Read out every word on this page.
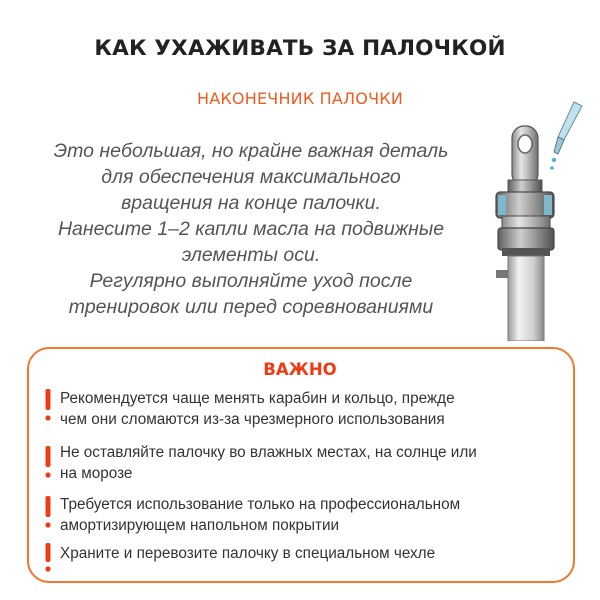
КАК УХАЖИВАТЬ ЗА ПАЛОЧКОЙ
НАКОНЕЧНИК ПАЛОЧКИ
Это небольшая, но крайне важная деталь
для обеспечения максимального
вращения на конце палочки.
Нанесите 1–2 капли масла на подвижные
элементы оси.
Регулярно выполняйте уход после
тренировок или перед соревнованиями
ВАЖНО
Рекомендуется чаще менять карабин и кольцо, прежде
чем они сломаются из-за чрезмерного использования
Не оставляйте палочку во влажных местах, на солнце или
на морозе
Требуется использование только на профессиональном
амортизирующем напольном покрытии
Храните и перевозите палочку в специальном чехле
